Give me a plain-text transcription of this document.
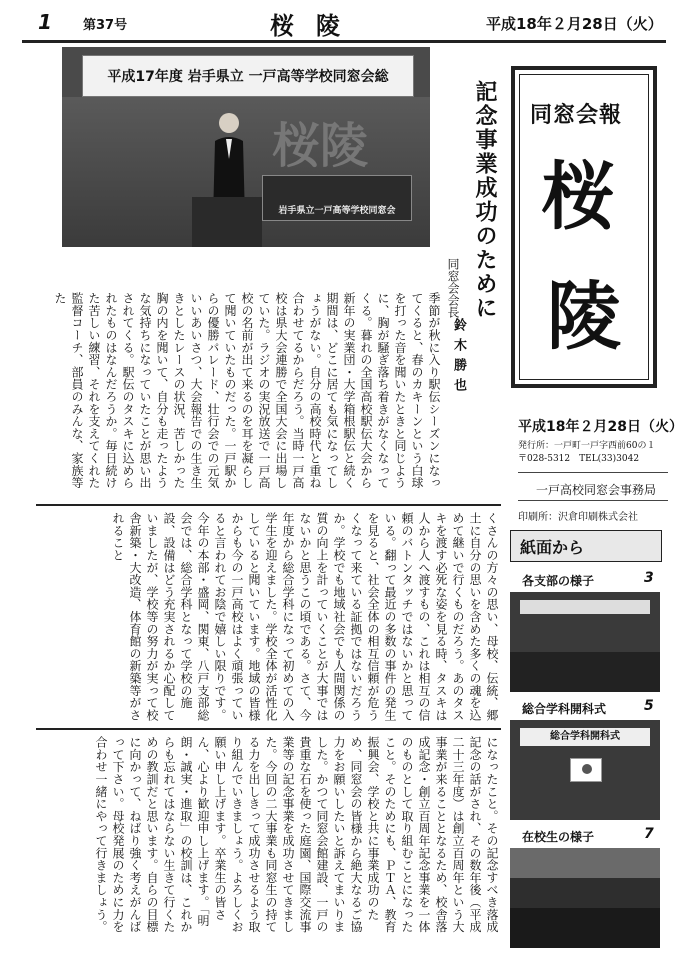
1 第37号	桜陵	平成18年２月28日（火）
平成17年度 岩手県立 一戸高等学校同窓会総
桜陵
岩手県立一戸高等学校同窓会	記念事業成功のために
同窓会会長
鈴木勝也
季節が秋に入り駅伝シーズンになってくると、春のカキーンという白球を打った音を聞いたときと同じように、胸が騒ぎ落ち着きがなくなってくる。暮れの全国高校駅伝大会から新年の実業団・大学箱根駅伝と続く期間は、どこに居ても気になってしょうがない。自分の高校時代と重ね合わせてるからだろう。当時一戸高校は県大会連勝で全国大会に出場していた。ラジオの実況放送で一戸高校の名前が出て来るのを耳を凝らして聞いていたものだった。一戸駅からの優勝パレード、壮行会での元気いいあいさつ、大会報告での生き生きとしたレースの状況、苦しかった胸の内を聞いて、自分も走ったような気持ちになっていたことが思い出されてくる。駅伝のタスキに込められたものはなんだろうか。毎日続けた苦しい練習、それを支えてくれた監督コーチ、部員のみんな、家族等た
くさんの方々の思い、母校、伝統、郷土に自分の思いを含めた多くの魂を込めて継いで行くものだろう。あのタスキを渡す必死な姿を見る時、タスキは人から人へ渡すもの、これは相互の信頼のバトンタッチではないかと思っている。翻って最近の多数の事件の発生を見ると、社会全体の相互信頼が危うくなって来ている証拠ではないだろうか。学校でも地域社会でも人間関係の質の向上を計っていくことが大事ではないかと思うこの頃である。さて、今年度から総合学科になって初めての入学生を迎えました。学校全体が活性化していると聞いています。地域の皆様からも今の一戸高校はよく頑張っていると言われてお陰で嬉しい限りです。今年の本部・盛岡、関東、八戸支部総会では、総合学科となって学校の施設、設備はどう充実されるか心配していましたが、学校等の努力が実って校舎新築・大改造、体育館の新築等がされること
になったこと。その記念すべき落成記念の話がされ、その数年後（平成二十三年度）は創立百周年という大事業が来ることとなるため、校舎落成記念・創立百周年記念事業を一体のものとして取り組むことになったこと。そのためにも、ＰＴＡ、教育振興会、学校と共に事業成功のため、同窓会の皆様から絶大なるご協力をお願いしたいと訴えてまいりました。かつて同窓会館建設、一戸の貴重な石を使った庭園、国際交流事業等の記念事業を成功させてきました。今回の二大事業も同窓生の持てる力を出しきって成功させるよう取り組んでいきましょう。よろしくお願い申し上げます。卒業生の皆さん、心より歓迎申し上げます。「明朗・誠実・進取」の校訓は、これからも忘れてはならない生きて行くための教訓だと思います。自らの目標に向かって、ねばり強く考えがんばって下さい。母校発展のために力を合わせ一緒にやって行きましょう。
同窓会報
桜
陵
平成18年２月28日（火）
発行所：一戸町一戸字西前60の１
〒028-5312　TEL(33)3042
一戸高校同窓会事務局
印刷所：沢倉印刷株式会社
紙面から
各支部の様子	3
総合学科開科式	5
総合学科開科式
在校生の様子	7
